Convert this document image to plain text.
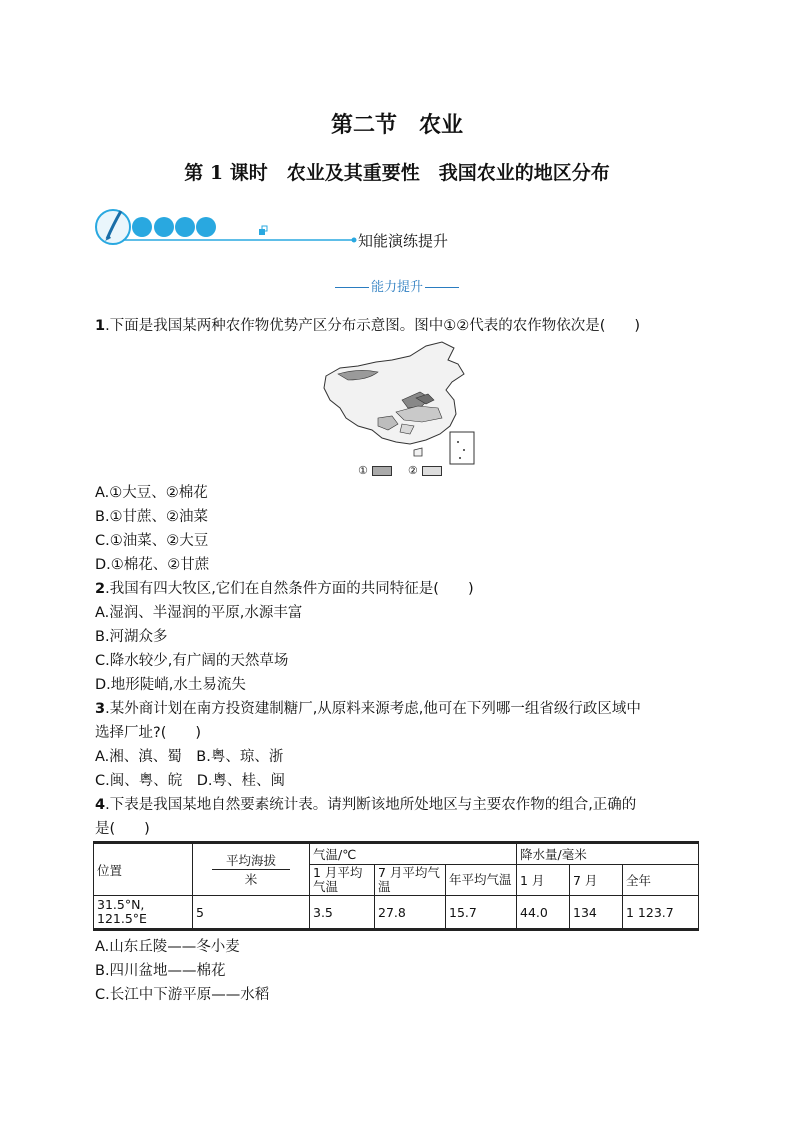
第二节　农业
第 1 课时　农业及其重要性　我国农业的地区分布
知能演练提升
能力提升
1.下面是我国某两种农作物优势产区分布示意图。图中①②代表的农作物依次是(　　)
①	②
A.①大豆、②棉花
B.①甘蔗、②油菜
C.①油菜、②大豆
D.①棉花、②甘蔗
2.我国有四大牧区,它们在自然条件方面的共同特征是(　　)
A.湿润、半湿润的平原,水源丰富
B.河湖众多
C.降水较少,有广阔的天然草场
D.地形陡峭,水土易流失
3.某外商计划在南方投资建制糖厂,从原料来源考虑,他可在下列哪一组省级行政区域中
选择厂址?(　　)
A.湘、滇、蜀　B.粤、琼、浙
C.闽、粤、皖　D.粤、桂、闽
4.下表是我国某地自然要素统计表。请判断该地所处地区与主要农作物的组合,正确的
是(　　)
位置	$\frac{\text{平均海拔}}{\text{米}}$	气温/℃			降水量/毫米		
		1 月平均气温	7 月平均气温	年平均气温	1 月	7 月	全年
31.5°N, 121.5°E	5	3.5	27.8	15.7	44.0	134	1 123.7
A.山东丘陵——冬小麦
B.四川盆地——棉花
C.长江中下游平原——水稻
